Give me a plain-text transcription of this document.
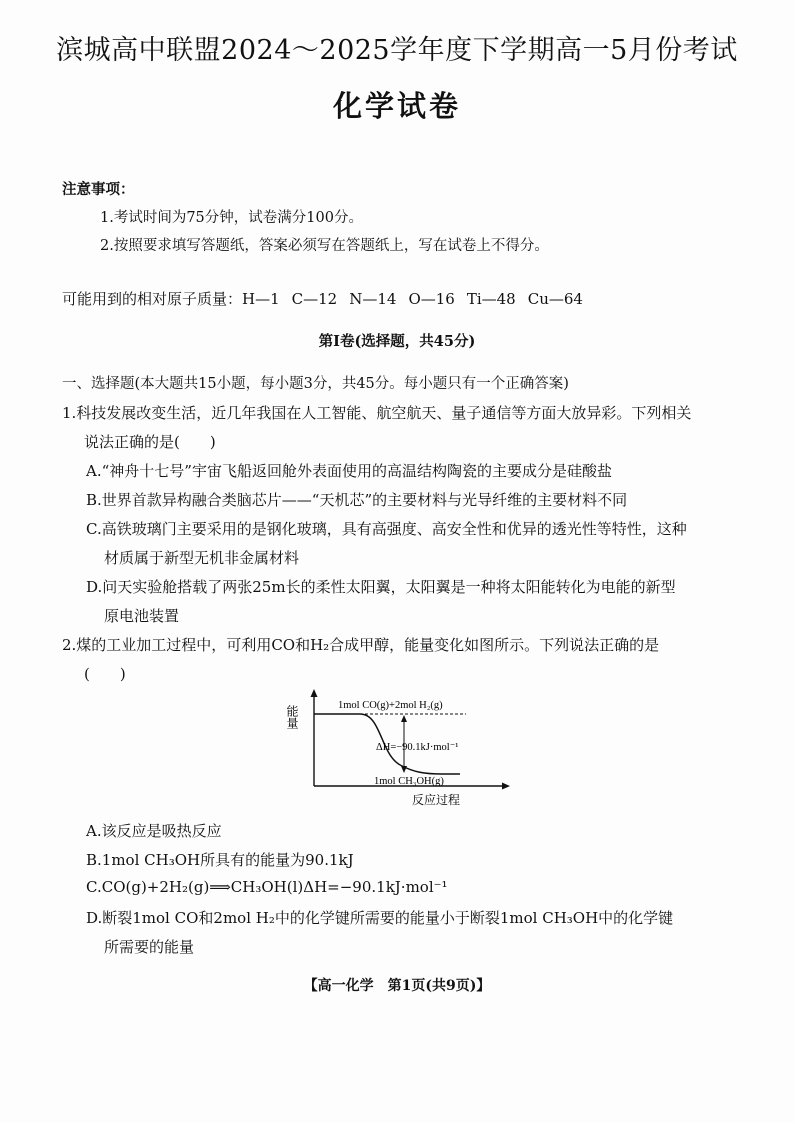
滨城高中联盟2024～2025学年度下学期高一5月份考试
化学试卷
注意事项：
1.考试时间为75分钟，试卷满分100分。
2.按照要求填写答题纸，答案必须写在答题纸上，写在试卷上不得分。
可能用到的相对原子质量：H—1 C—12 N—14 O—16 Ti—48 Cu—64
第Ⅰ卷(选择题，共45分)
一、选择题(本大题共15小题，每小题3分，共45分。每小题只有一个正确答案)
1.科技发展改变生活，近几年我国在人工智能、航空航天、量子通信等方面大放异彩。下列相关
说法正确的是(　　)
A.“神舟十七号”宇宙飞船返回舱外表面使用的高温结构陶瓷的主要成分是硅酸盐
B.世界首款异构融合类脑芯片——“天机芯”的主要材料与光导纤维的主要材料不同
C.高铁玻璃门主要采用的是钢化玻璃，具有高强度、高安全性和优异的透光性等特性，这种
材质属于新型无机非金属材料
D.问天实验舱搭载了两张25m长的柔性太阳翼，太阳翼是一种将太阳能转化为电能的新型
原电池装置
2.煤的工业加工过程中，可利用CO和H₂合成甲醇，能量变化如图所示。下列说法正确的是
(　　)
能量	1mol CO(g)+2mol H₂(g)
ΔH=−90.1kJ·mol⁻¹
1mol CH₃OH(g)
反应过程
A.该反应是吸热反应
B.1mol CH₃OH所具有的能量为90.1kJ
C.CO(g)+2H₂(g)⟹CH₃OH(l)ΔH=−90.1kJ·mol⁻¹
D.断裂1mol CO和2mol H₂中的化学键所需要的能量小于断裂1mol CH₃OH中的化学键
所需要的能量
【高一化学　第1页(共9页)】
